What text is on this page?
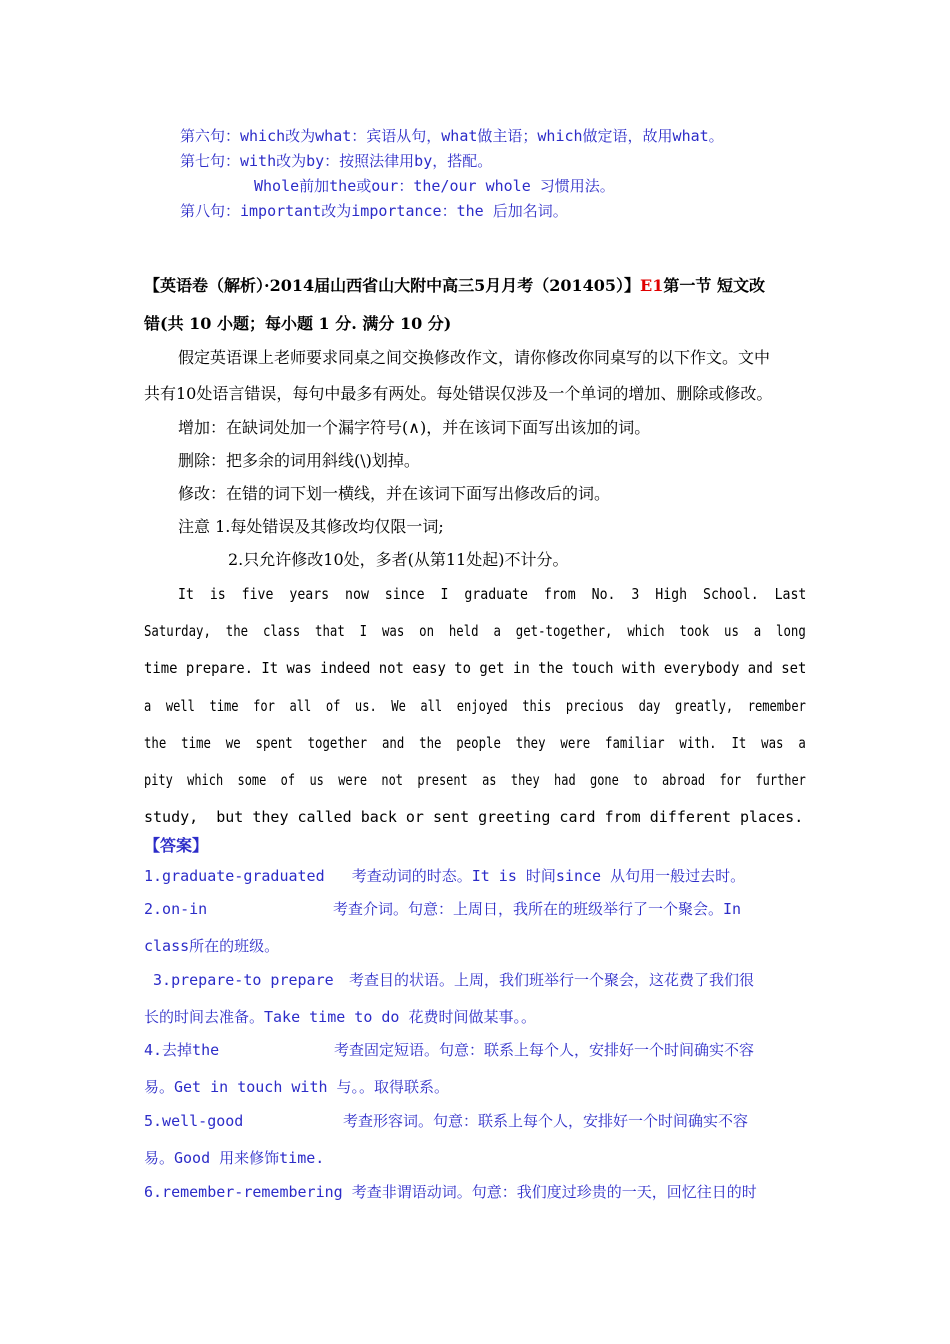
第六句：which改为what：宾语从句，what做主语；which做定语，故用what。
第七句：with改为by：按照法律用by，搭配。
Whole前加the或our：the/our whole 习惯用法。
第八句：important改为importance：the 后加名词。
【英语卷（解析）·2014届山西省山大附中高三5月月考（201405）】E1第一节 短文改
错(共 10 小题；每小题 1 分. 满分 10 分)
假定英语课上老师要求同桌之间交换修改作文，请你修改你同桌写的以下作文。文中
共有10处语言错误，每句中最多有两处。每处错误仅涉及一个单词的增加、删除或修改。
增加：在缺词处加一个漏字符号(∧)，并在该词下面写出该加的词。
删除：把多余的词用斜线(\)划掉。
修改：在错的词下划一横线，并在该词下面写出修改后的词。
注意 1.每处错误及其修改均仅限一词;
2.只允许修改10处，多者(从第11处起)不计分。
It  is  five  years  now  since  I  graduate  from  No.  3  High  School.  Last
Saturday,  the  class  that  I  was  on  held  a  get-together,  which  took  us  a  long
time prepare. It was indeed not easy to get in the touch with everybody and set
a  well  time  for  all  of  us.  We  all  enjoyed  this  precious  day  greatly,  remember
the  time  we  spent  together  and  the  people  they  were  familiar  with.  It  was  a
pity  which  some  of  us  were  not  present  as  they  had  gone  to  abroad  for  further
study,  but they called back or sent greeting card from different places.
【答案】
1.graduate-graduated   考查动词的时态。It is 时间since 从句用一般过去时。
2.on-in	考查介词。句意：上周日，我所在的班级举行了一个聚会。In
class所在的班级。
3.prepare-to prepare 考查目的状语。上周，我们班举行一个聚会，这花费了我们很
长的时间去准备。Take time to do 花费时间做某事。。
4.去掉the	考查固定短语。句意：联系上每个人，安排好一个时间确实不容
易。Get in touch with 与。。取得联系。
5.well-good	考查形容词。句意：联系上每个人，安排好一个时间确实不容
易。Good 用来修饰time.
6.remember-remembering 考查非谓语动词。句意：我们度过珍贵的一天，回忆往日的时
